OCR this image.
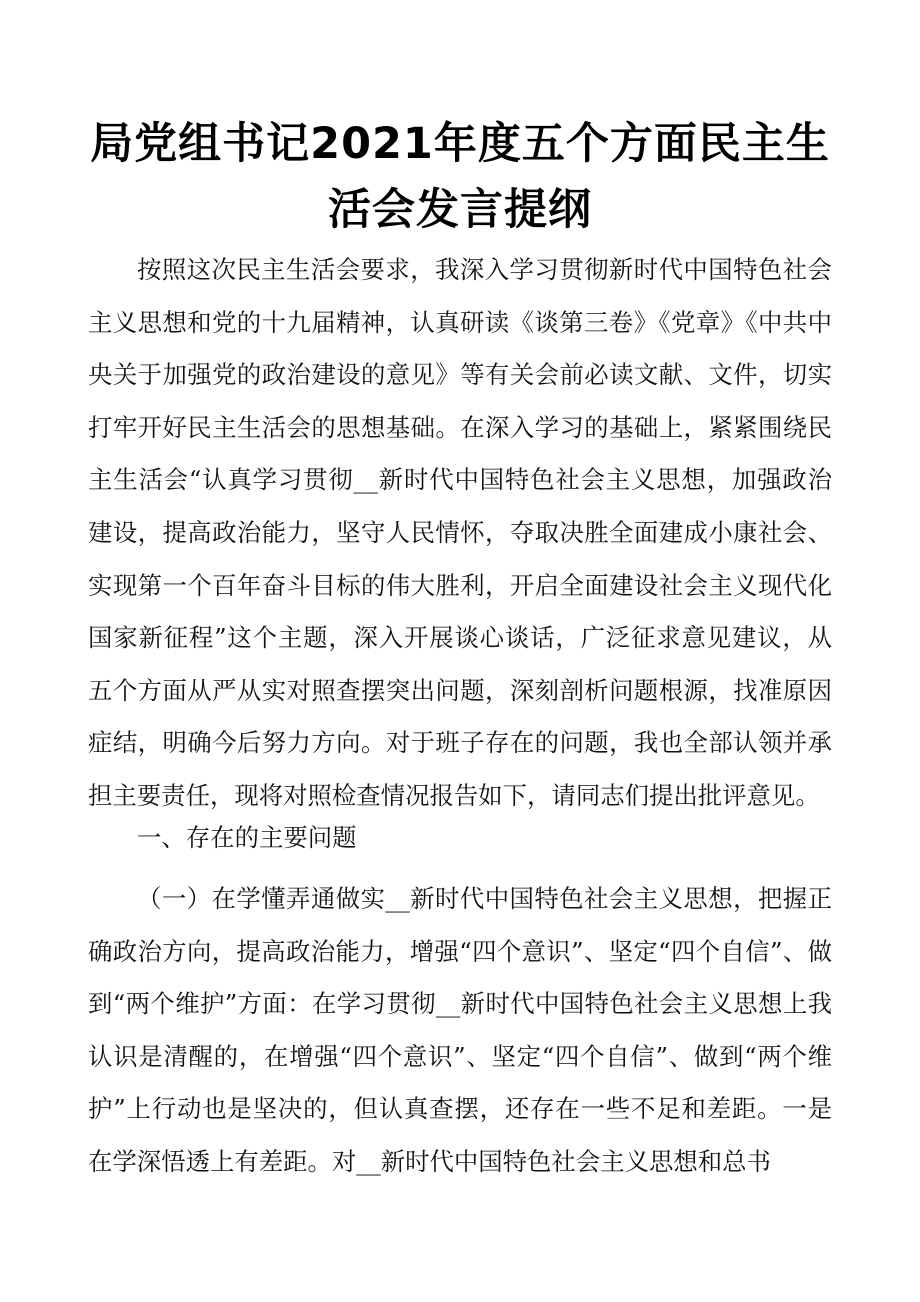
局党组书记2021年度五个方面民主生
活会发言提纲

按照这次民主生活会要求，我深入学习贯彻新时代中国特色社会主义思想和党的十九届精神，认真研读《谈第三卷》《党章》《中共中央关于加强党的政治建设的意见》等有关会前必读文献、文件，切实打牢开好民主生活会的思想基础。在深入学习的基础上，紧紧围绕民主生活会“认真学习贯彻__新时代中国特色社会主义思想，加强政治建设，提高政治能力，坚守人民情怀，夺取决胜全面建成小康社会、实现第一个百年奋斗目标的伟大胜利，开启全面建设社会主义现代化国家新征程”这个主题，深入开展谈心谈话，广泛征求意见建议，从五个方面从严从实对照查摆突出问题，深刻剖析问题根源，找准原因症结，明确今后努力方向。对于班子存在的问题，我也全部认领并承担主要责任，现将对照检查情况报告如下，请同志们提出批评意见。

一、存在的主要问题

（一）在学懂弄通做实__新时代中国特色社会主义思想，把握正确政治方向，提高政治能力，增强“四个意识”、坚定“四个自信”、做到“两个维护”方面：在学习贯彻__新时代中国特色社会主义思想上我认识是清醒的，在增强“四个意识”、坚定“四个自信”、做到“两个维护”上行动也是坚决的，但认真查摆，还存在一些不足和差距。一是在学深悟透上有差距。对__新时代中国特色社会主义思想和总书
